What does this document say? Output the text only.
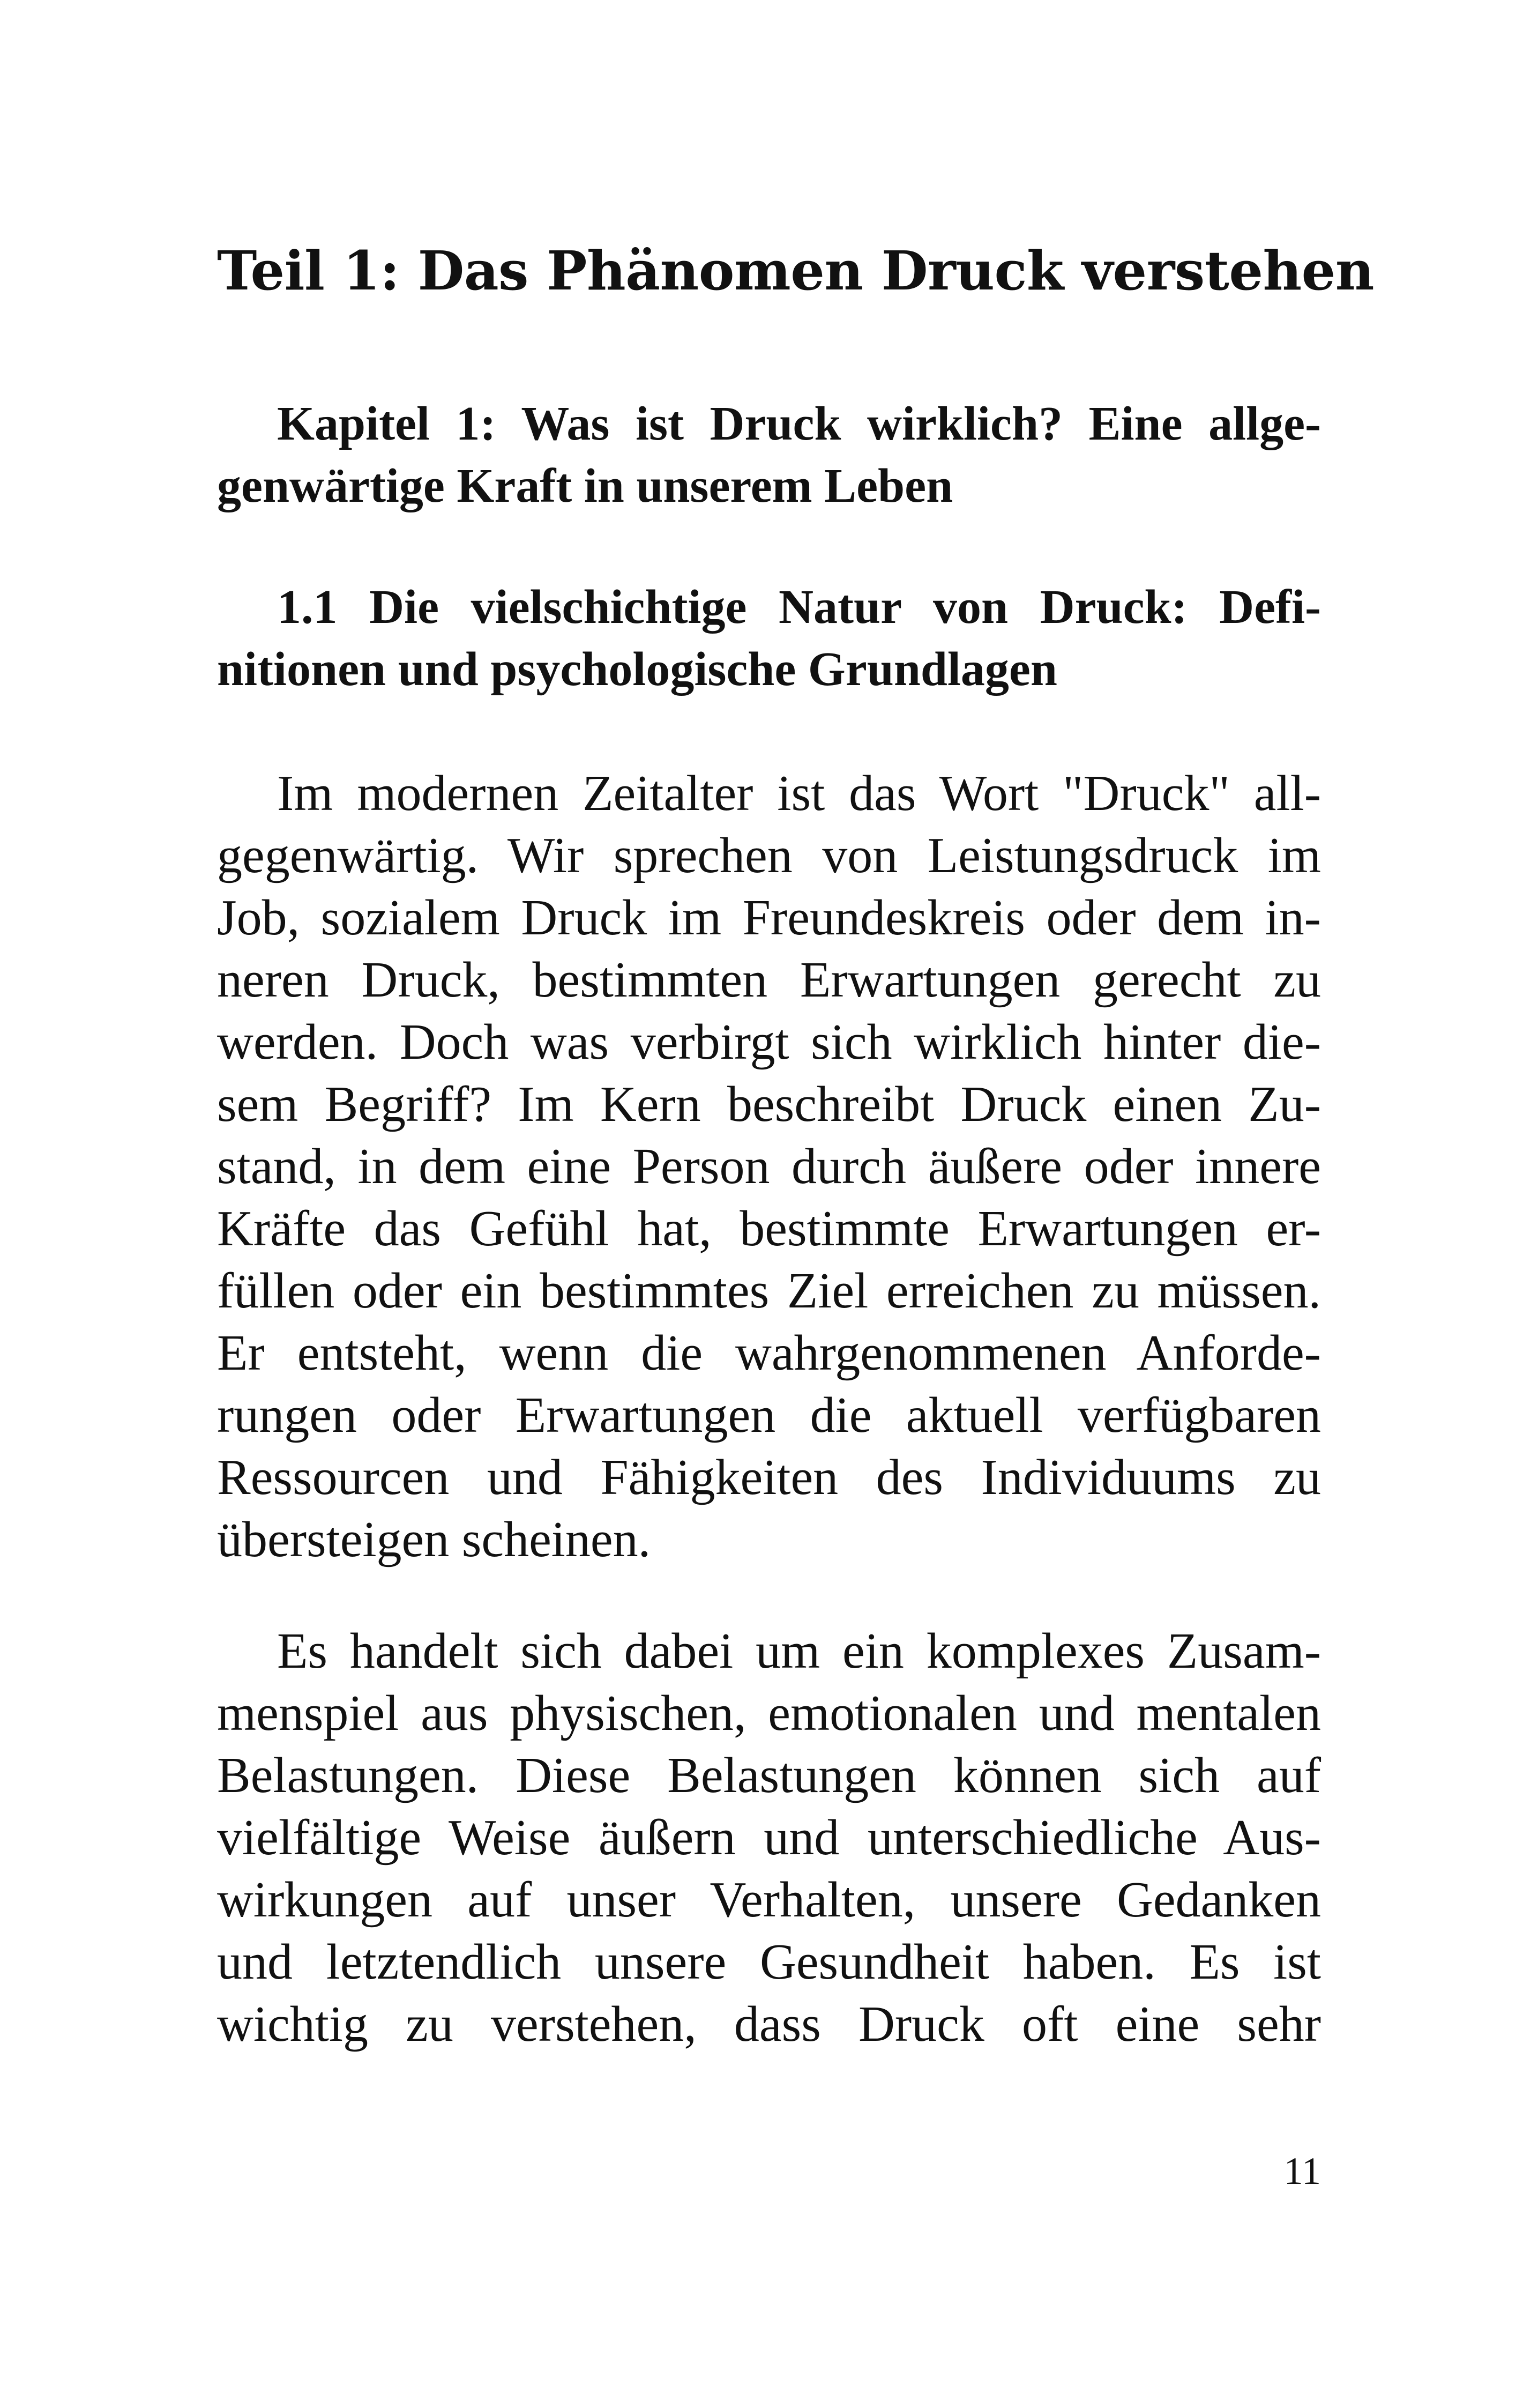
Teil 1: Das Phänomen Druck verstehen
Kapitel 1: Was ist Druck wirklich? Eine allge-
genwärtige Kraft in unserem Leben
1.1 Die vielschichtige Natur von Druck: Defi-
nitionen und psychologische Grundlagen

Im modernen Zeitalter ist das Wort "Druck" all-
gegenwärtig. Wir sprechen von Leistungsdruck im
Job, sozialem Druck im Freundeskreis oder dem in-
neren Druck, bestimmten Erwartungen gerecht zu
werden. Doch was verbirgt sich wirklich hinter die-
sem Begriff? Im Kern beschreibt Druck einen Zu-
stand, in dem eine Person durch äußere oder innere
Kräfte das Gefühl hat, bestimmte Erwartungen er-
füllen oder ein bestimmtes Ziel erreichen zu müssen.
Er entsteht, wenn die wahrgenommenen Anforde-
rungen oder Erwartungen die aktuell verfügbaren
Ressourcen und Fähigkeiten des Individuums zu
übersteigen scheinen.

Es handelt sich dabei um ein komplexes Zusam-
menspiel aus physischen, emotionalen und mentalen
Belastungen. Diese Belastungen können sich auf
vielfältige Weise äußern und unterschiedliche Aus-
wirkungen auf unser Verhalten, unsere Gedanken
und letztendlich unsere Gesundheit haben. Es ist
wichtig zu verstehen, dass Druck oft eine sehr

11
